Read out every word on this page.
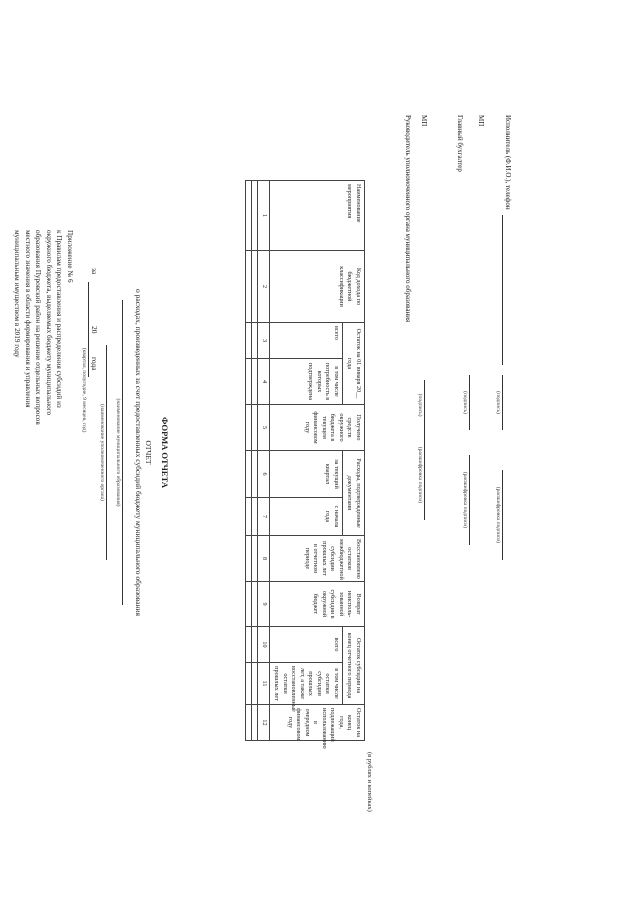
Приложение № 6
к Правилам предоставления и распределения субсидий из
окружного бюджета, выделяемых бюджету муниципального
образования Пуровский район на решение отдельных вопросов
местного значения в области формирования и управления
муниципальным имуществом в 2019 году
ФОРМА ОТЧЕТА
ОТЧЕТ
о расходах, произведенных за счет предоставленных субсидий бюджету муниципального образования
(наименование муниципального образования)
(наименование уполномоченного органа)
за
20
года
(квартал, полугодие, 9 месяцев, год)
(в рублях и копейках)
Наименование мероприятия	Код дохода по бюджетной классификации	Остаток на 01 января 20__ года		Получено средств окружного бюджета в текущем финансовом году	Расходы, подтвержденные документами		Восстановлено остатков межбюджетной субсидии прошлых лет в отчетном периоде	Возврат неисполь-зованной субсидии в окружной бюджет	Остаток субсидии на конец отчетного периода		Остаток на конец года, подлежащий использованию в очередном финансовом году
		всего	в том числе потребность в которых подтверждена		за текущий квартал	с начала года			всего	в том числе остатки субсидии прошлых лет, а также восстановленные остатки прошлых лет	
1	2	3	4	5	6	7	8	9	10	11	12

Руководитель уполномоченного органа муниципального образования МП
(подпись)
(расшифровка подписи)
Главный бухгалтер МП
(подпись)
(расшифровка подписи)
Исполнитель (Ф.И.О.), телефон
(подпись)
(расшифровка подписи)
